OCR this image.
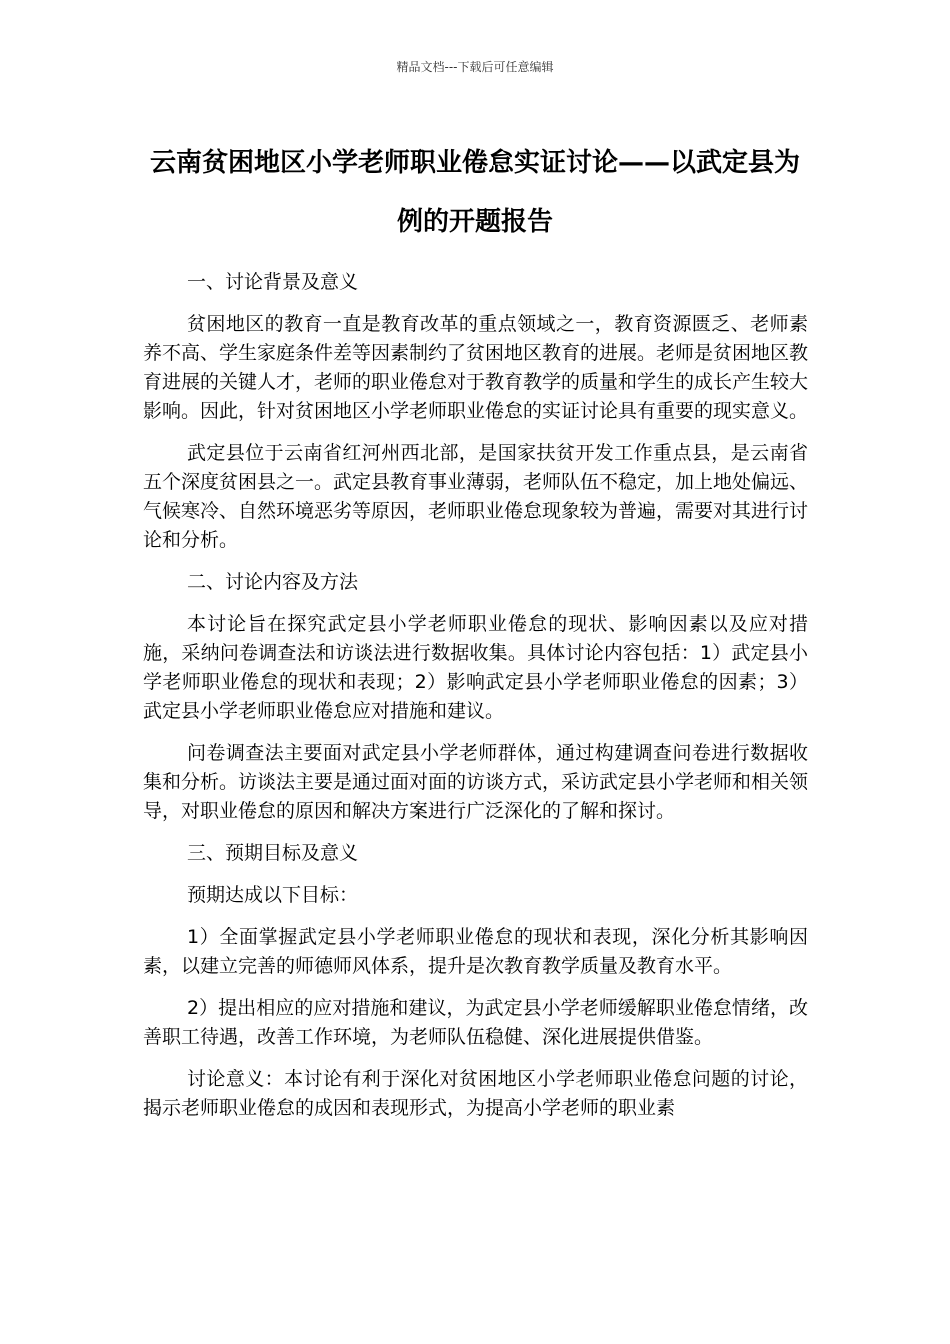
精品文档---下载后可任意编辑
云南贫困地区小学老师职业倦怠实证讨论——以武定县为例的开题报告

一、讨论背景及意义

贫困地区的教育一直是教育改革的重点领域之一，教育资源匮乏、老师素养不高、学生家庭条件差等因素制约了贫困地区教育的进展。老师是贫困地区教育进展的关键人才，老师的职业倦怠对于教育教学的质量和学生的成长产生较大影响。因此，针对贫困地区小学老师职业倦怠的实证讨论具有重要的现实意义。

武定县位于云南省红河州西北部，是国家扶贫开发工作重点县，是云南省五个深度贫困县之一。武定县教育事业薄弱，老师队伍不稳定，加上地处偏远、气候寒冷、自然环境恶劣等原因，老师职业倦怠现象较为普遍，需要对其进行讨论和分析。

二、讨论内容及方法

本讨论旨在探究武定县小学老师职业倦怠的现状、影响因素以及应对措施，采纳问卷调查法和访谈法进行数据收集。具体讨论内容包括：1）武定县小学老师职业倦怠的现状和表现；2）影响武定县小学老师职业倦怠的因素；3）武定县小学老师职业倦怠应对措施和建议。

问卷调查法主要面对武定县小学老师群体，通过构建调查问卷进行数据收集和分析。访谈法主要是通过面对面的访谈方式，采访武定县小学老师和相关领导，对职业倦怠的原因和解决方案进行广泛深化的了解和探讨。

三、预期目标及意义

预期达成以下目标：

1）全面掌握武定县小学老师职业倦怠的现状和表现，深化分析其影响因素，以建立完善的师德师风体系，提升是次教育教学质量及教育水平。

2）提出相应的应对措施和建议，为武定县小学老师缓解职业倦怠情绪，改善职工待遇，改善工作环境，为老师队伍稳健、深化进展提供借鉴。

讨论意义：本讨论有利于深化对贫困地区小学老师职业倦怠问题的讨论，揭示老师职业倦怠的成因和表现形式，为提高小学老师的职业素
